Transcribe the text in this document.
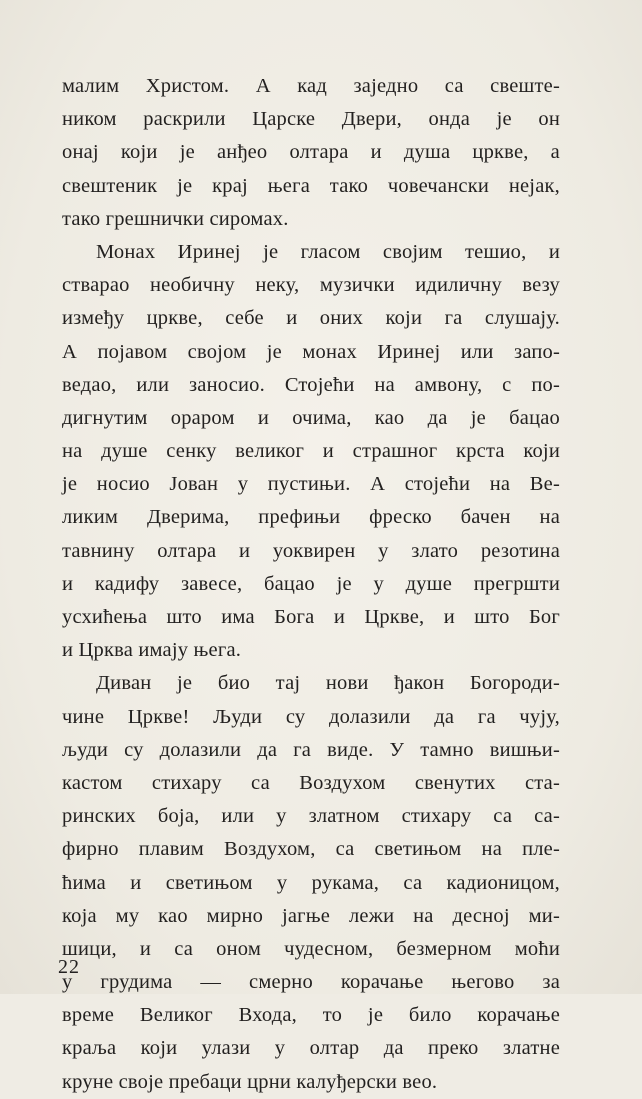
малим Христом. А кад заједно са свеште-
ником раскрили Царске Двери, онда је он
онај који је анђео олтара и душа цркве, а
свештеник је крај њега тако човечански нејак,
тако грешнички сиромах.
Монах Иринеј је гласом својим тешио, и
стварао необичну неку, музички идиличну везу
између цркве, себе и оних који га слушају.
А појавом својом је монах Иринеј или запо-
ведао, или заносио. Стојећи на амвону, с по-
дигнутим ораром и очима, као да је бацао
на душе сенку великог и страшног крста који
је носио Јован у пустињи. А стојећи на Ве-
ликим Дверима, префињи фреско бачен на
тавнину олтара и уоквирен у злато резотина
и кадифу завесе, бацао је у душе прегршти
усхићења што има Бога и Цркве, и што Бог
и Црква имају њега.
Диван је био тај нови ђакон Богороди-
чине Цркве! Људи су долазили да га чују,
људи су долазили да га виде. У тамно вишњи-
кастом стихару са Воздухом свенутих ста-
ринских боја, или у златном стихару са са-
фирно плавим Воздухом, са светињом на пле-
ћима и светињом у рукама, са кадионицом,
која му као мирно јагње лежи на десној ми-
шици, и са оном чудесном, безмерном моћи
у грудима — смерно корачање његово за
време Великог Входа, то је било корачање
краља који улази у олтар да преко златне
круне своје пребаци црни калуђерски вео.
22
